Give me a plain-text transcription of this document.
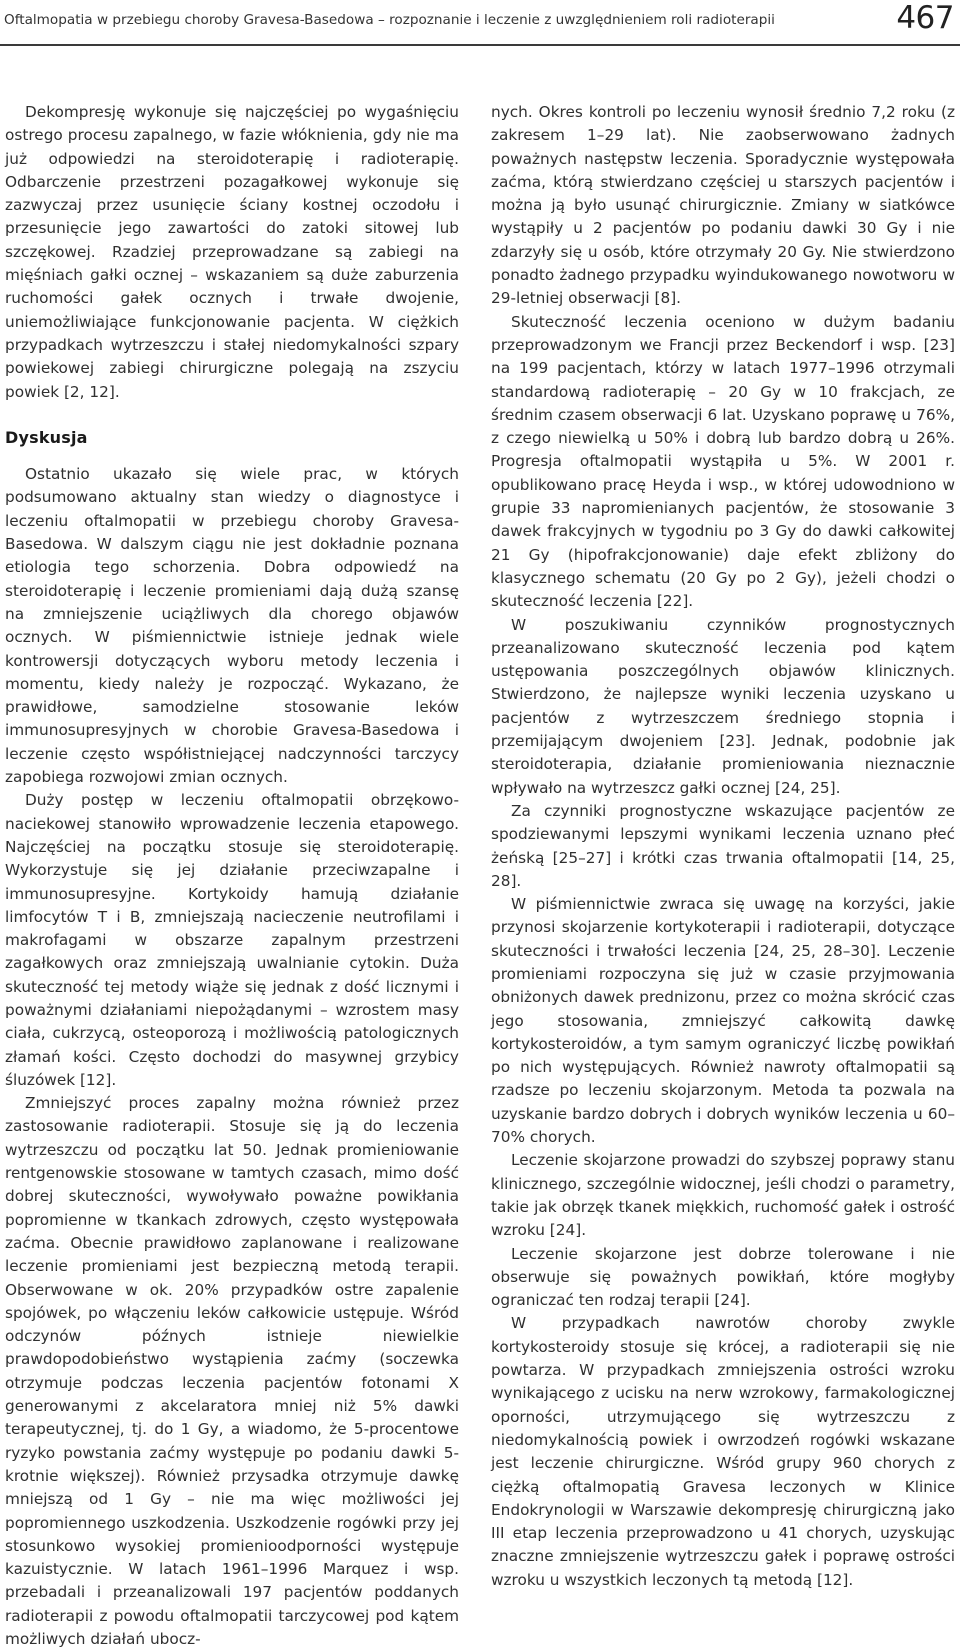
Oftalmopatia w przebiegu choroby Gravesa-Basedowa – rozpoznanie i leczenie z uwzględnieniem roli radioterapii	467

Dekompresję wykonuje się najczęściej po wygaśnięciu ostrego procesu zapalnego, w fazie włóknienia, gdy nie ma już odpowiedzi na steroidoterapię i radioterapię. Odbarczenie przestrzeni pozagałkowej wykonuje się zazwyczaj przez usunięcie ściany kostnej oczodołu i przesunięcie jego zawartości do zatoki sitowej lub szczękowej. Rzadziej przeprowadzane są zabiegi na mięśniach gałki ocznej – wskazaniem są duże zaburzenia ruchomości gałek ocznych i trwałe dwojenie, uniemożliwiające funkcjonowanie pacjenta. W ciężkich przypadkach wytrzeszczu i stałej niedomykalności szpary powiekowej zabiegi chirurgiczne polegają na zszyciu powiek [2, 12].

Dyskusja

Ostatnio ukazało się wiele prac, w których podsumowano aktualny stan wiedzy o diagnostyce i leczeniu oftalmopatii w przebiegu choroby Gravesa-Basedowa. W dalszym ciągu nie jest dokładnie poznana etiologia tego schorzenia. Dobra odpowiedź na steroidoterapię i leczenie promieniami dają dużą szansę na zmniejszenie uciążliwych dla chorego objawów ocznych. W piśmiennictwie istnieje jednak wiele kontrowersji dotyczących wyboru metody leczenia i momentu, kiedy należy je rozpocząć. Wykazano, że prawidłowe, samodzielne stosowanie leków immunosupresyjnych w chorobie Gravesa-Basedowa i leczenie często współistniejącej nadczynności tarczycy zapobiega rozwojowi zmian ocznych.

Duży postęp w leczeniu oftalmopatii obrzękowo-naciekowej stanowiło wprowadzenie leczenia etapowego. Najczęściej na początku stosuje się steroidoterapię. Wykorzystuje się jej działanie przeciwzapalne i immunosupresyjne. Kortykoidy hamują działanie limfocytów T i B, zmniejszają nacieczenie neutrofilami i makrofagami w obszarze zapalnym przestrzeni zagałkowych oraz zmniejszają uwalnianie cytokin. Duża skuteczność tej metody wiąże się jednak z dość licznymi i poważnymi działaniami niepożądanymi – wzrostem masy ciała, cukrzycą, osteoporozą i możliwością patologicznych złamań kości. Często dochodzi do masywnej grzybicy śluzówek [12].

Zmniejszyć proces zapalny można również przez zastosowanie radioterapii. Stosuje się ją do leczenia wytrzeszczu od początku lat 50. Jednak promieniowanie rentgenowskie stosowane w tamtych czasach, mimo dość dobrej skuteczności, wywoływało poważne powikłania popromienne w tkankach zdrowych, często występowała zaćma. Obecnie prawidłowo zaplanowane i realizowane leczenie promieniami jest bezpieczną metodą terapii. Obserwowane w ok. 20% przypadków ostre zapalenie spojówek, po włączeniu leków całkowicie ustępuje. Wśród odczynów późnych istnieje niewielkie prawdopodobieństwo wystąpienia zaćmy (soczewka otrzymuje podczas leczenia pacjentów fotonami X generowanymi z akcelaratora mniej niż 5% dawki terapeutycznej, tj. do 1 Gy, a wiadomo, że 5-procentowe ryzyko powstania zaćmy występuje po podaniu dawki 5-krotnie większej). Również przysadka otrzymuje dawkę mniejszą od 1 Gy – nie ma więc możliwości jej popromiennego uszkodzenia. Uszkodzenie rogówki przy jej stosunkowo wysokiej promienioodporności występuje kazuistycznie. W latach 1961–1996 Marquez i wsp. przebadali i przeanalizowali 197 pacjentów poddanych radioterapii z powodu oftalmopatii tarczycowej pod kątem możliwych działań ubocz-

nych. Okres kontroli po leczeniu wynosił średnio 7,2 roku (z zakresem 1–29 lat). Nie zaobserwowano żadnych poważnych następstw leczenia. Sporadycznie występowała zaćma, którą stwierdzano częściej u starszych pacjentów i można ją było usunąć chirurgicznie. Zmiany w siatkówce wystąpiły u 2 pacjentów po podaniu dawki 30 Gy i nie zdarzyły się u osób, które otrzymały 20 Gy. Nie stwierdzono ponadto żadnego przypadku wyindukowanego nowotworu w 29-letniej obserwacji [8].

Skuteczność leczenia oceniono w dużym badaniu przeprowadzonym we Francji przez Beckendorf i wsp. [23] na 199 pacjentach, którzy w latach 1977–1996 otrzymali standardową radioterapię – 20 Gy w 10 frakcjach, ze średnim czasem obserwacji 6 lat. Uzyskano poprawę u 76%, z czego niewielką u 50% i dobrą lub bardzo dobrą u 26%. Progresja oftalmopatii wystąpiła u 5%. W 2001 r. opublikowano pracę Heyda i wsp., w której udowodniono w grupie 33 napromienianych pacjentów, że stosowanie 3 dawek frakcyjnych w tygodniu po 3 Gy do dawki całkowitej 21 Gy (hipofrakcjonowanie) daje efekt zbliżony do klasycznego schematu (20 Gy po 2 Gy), jeżeli chodzi o skuteczność leczenia [22].

W poszukiwaniu czynników prognostycznych przeanalizowano skuteczność leczenia pod kątem ustępowania poszczególnych objawów klinicznych. Stwierdzono, że najlepsze wyniki leczenia uzyskano u pacjentów z wytrzeszczem średniego stopnia i przemijającym dwojeniem [23]. Jednak, podobnie jak steroidoterapia, działanie promieniowania nieznacznie wpływało na wytrzeszcz gałki ocznej [24, 25].

Za czynniki prognostyczne wskazujące pacjentów ze spodziewanymi lepszymi wynikami leczenia uznano płeć żeńską [25–27] i krótki czas trwania oftalmopatii [14, 25, 28].

W piśmiennictwie zwraca się uwagę na korzyści, jakie przynosi skojarzenie kortykoterapii i radioterapii, dotyczące skuteczności i trwałości leczenia [24, 25, 28–30]. Leczenie promieniami rozpoczyna się już w czasie przyjmowania obniżonych dawek prednizonu, przez co można skrócić czas jego stosowania, zmniejszyć całkowitą dawkę kortykosteroidów, a tym samym ograniczyć liczbę powikłań po nich występujących. Również nawroty oftalmopatii są rzadsze po leczeniu skojarzonym. Metoda ta pozwala na uzyskanie bardzo dobrych i dobrych wyników leczenia u 60–70% chorych.

Leczenie skojarzone prowadzi do szybszej poprawy stanu klinicznego, szczególnie widocznej, jeśli chodzi o parametry, takie jak obrzęk tkanek miękkich, ruchomość gałek i ostrość wzroku [24].

Leczenie skojarzone jest dobrze tolerowane i nie obserwuje się poważnych powikłań, które mogłyby ograniczać ten rodzaj terapii [24].

W przypadkach nawrotów choroby zwykle kortykosteroidy stosuje się krócej, a radioterapii się nie powtarza. W przypadkach zmniejszenia ostrości wzroku wynikającego z ucisku na nerw wzrokowy, farmakologicznej oporności, utrzymującego się wytrzeszczu z niedomykalnością powiek i owrzodzeń rogówki wskazane jest leczenie chirurgiczne. Wśród grupy 960 chorych z ciężką oftalmopatią Gravesa leczonych w Klinice Endokrynologii w Warszawie dekompresję chirurgiczną jako III etap leczenia przeprowadzono u 41 chorych, uzyskując znaczne zmniejszenie wytrzeszczu gałek i poprawę ostrości wzroku u wszystkich leczonych tą metodą [12].
